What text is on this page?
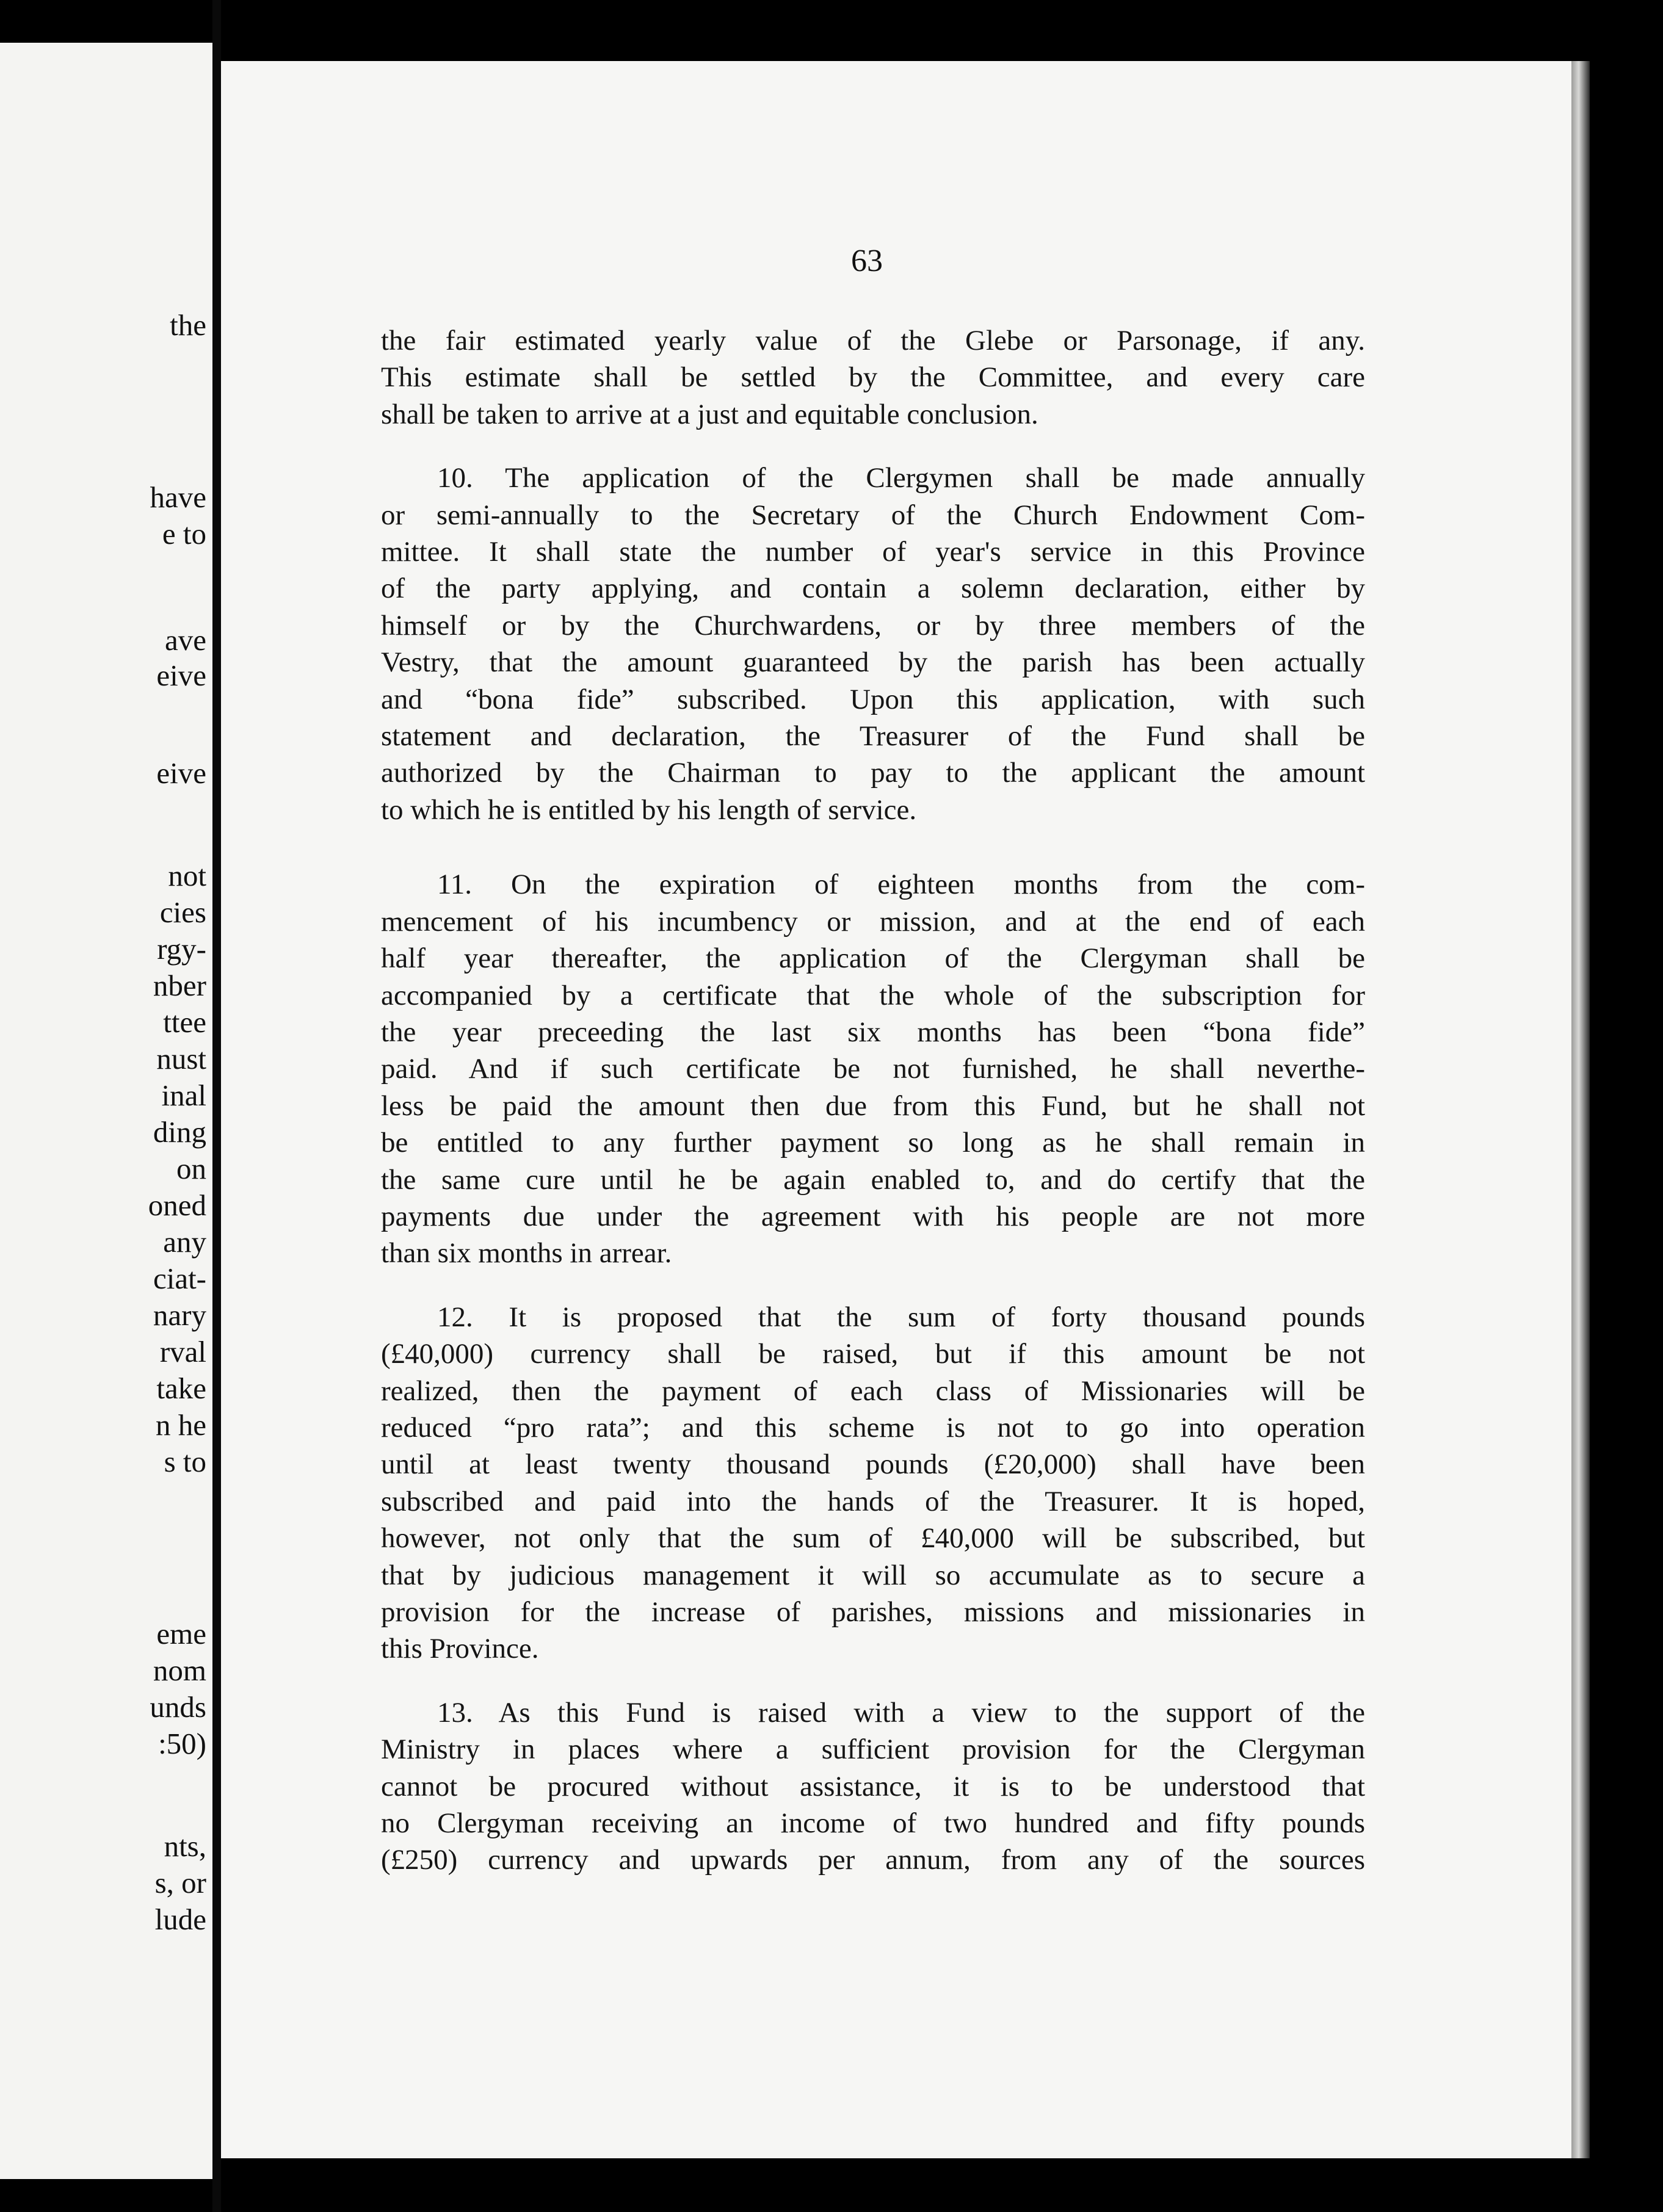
the
have
e to
ave
eive
eive
not
cies
rgy-
nber
ttee
nust
inal
ding
on
oned
any
ciat-
nary
rval
take
n he
s to
eme
nom
unds
:50)
nts,
s, or
lude
63
the fair estimated yearly value of the Glebe or Parsonage, if any.
This estimate shall be settled by the Committee, and every care
shall be taken to arrive at a just and equitable conclusion.
10. The application of the Clergymen shall be made annually
or semi-annually to the Secretary of the Church Endowment Com-
mittee. It shall state the number of year's service in this Province
of the party applying, and contain a solemn declaration, either by
himself or by the Churchwardens, or by three members of the
Vestry, that the amount guaranteed by the parish has been actually
and “bona fide” subscribed. Upon this application, with such
statement and declaration, the Treasurer of the Fund shall be
authorized by the Chairman to pay to the applicant the amount
to which he is entitled by his length of service.
11. On the expiration of eighteen months from the com-
mencement of his incumbency or mission, and at the end of each
half year thereafter, the application of the Clergyman shall be
accompanied by a certificate that the whole of the subscription for
the year preceeding the last six months has been “bona fide”
paid. And if such certificate be not furnished, he shall neverthe-
less be paid the amount then due from this Fund, but he shall not
be entitled to any further payment so long as he shall remain in
the same cure until he be again enabled to, and do certify that the
payments due under the agreement with his people are not more
than six months in arrear.
12. It is proposed that the sum of forty thousand pounds
(£40,000) currency shall be raised, but if this amount be not
realized, then the payment of each class of Missionaries will be
reduced “pro rata”; and this scheme is not to go into operation
until at least twenty thousand pounds (£20,000) shall have been
subscribed and paid into the hands of the Treasurer. It is hoped,
however, not only that the sum of £40,000 will be subscribed, but
that by judicious management it will so accumulate as to secure a
provision for the increase of parishes, missions and missionaries in
this Province.
13. As this Fund is raised with a view to the support of the
Ministry in places where a sufficient provision for the Clergyman
cannot be procured without assistance, it is to be understood that
no Clergyman receiving an income of two hundred and fifty pounds
(£250) currency and upwards per annum, from any of the sources
